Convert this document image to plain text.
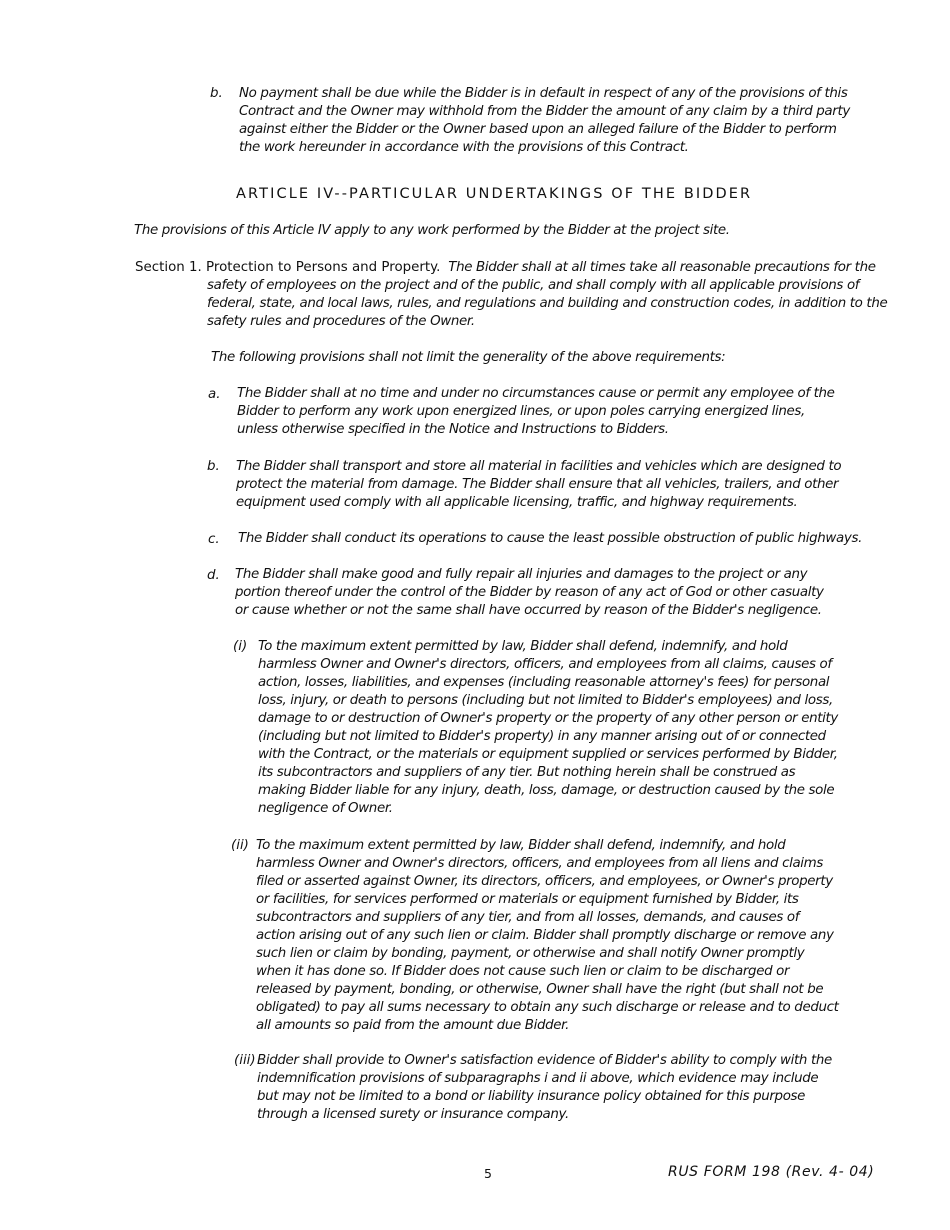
b. No payment shall be due while the Bidder is in default in respect of any of the provisions of this Contract and the Owner may withhold from the Bidder the amount of any claim by a third party against either the Bidder or the Owner based upon an alleged failure of the Bidder to perform the work hereunder in accordance with the provisions of this Contract.
ARTICLE IV--PARTICULAR UNDERTAKINGS OF THE BIDDER
The provisions of this Article IV apply to any work performed by the Bidder at the project site.
Section 1. Protection to Persons and Property. The Bidder shall at all times take all reasonable precautions for the safety of employees on the project and of the public, and shall comply with all applicable provisions of federal, state, and local laws, rules, and regulations and building and construction codes, in addition to the safety rules and procedures of the Owner.
The following provisions shall not limit the generality of the above requirements:
a. The Bidder shall at no time and under no circumstances cause or permit any employee of the Bidder to perform any work upon energized lines, or upon poles carrying energized lines, unless otherwise specified in the Notice and Instructions to Bidders.
b. The Bidder shall transport and store all material in facilities and vehicles which are designed to protect the material from damage. The Bidder shall ensure that all vehicles, trailers, and other equipment used comply with all applicable licensing, traffic, and highway requirements.
c. The Bidder shall conduct its operations to cause the least possible obstruction of public highways.
d. The Bidder shall make good and fully repair all injuries and damages to the project or any portion thereof under the control of the Bidder by reason of any act of God or other casualty or cause whether or not the same shall have occurred by reason of the Bidder's negligence.
(i) To the maximum extent permitted by law, Bidder shall defend, indemnify, and hold harmless Owner and Owner's directors, officers, and employees from all claims, causes of action, losses, liabilities, and expenses (including reasonable attorney's fees) for personal loss, injury, or death to persons (including but not limited to Bidder's employees) and loss, damage to or destruction of Owner's property or the property of any other person or entity (including but not limited to Bidder's property) in any manner arising out of or connected with the Contract, or the materials or equipment supplied or services performed by Bidder, its subcontractors and suppliers of any tier. But nothing herein shall be construed as making Bidder liable for any injury, death, loss, damage, or destruction caused by the sole negligence of Owner.
(ii) To the maximum extent permitted by law, Bidder shall defend, indemnify, and hold harmless Owner and Owner's directors, officers, and employees from all liens and claims filed or asserted against Owner, its directors, officers, and employees, or Owner's property or facilities, for services performed or materials or equipment furnished by Bidder, its subcontractors and suppliers of any tier, and from all losses, demands, and causes of action arising out of any such lien or claim. Bidder shall promptly discharge or remove any such lien or claim by bonding, payment, or otherwise and shall notify Owner promptly when it has done so. If Bidder does not cause such lien or claim to be discharged or released by payment, bonding, or otherwise, Owner shall have the right (but shall not be obligated) to pay all sums necessary to obtain any such discharge or release and to deduct all amounts so paid from the amount due Bidder.
(iii) Bidder shall provide to Owner's satisfaction evidence of Bidder's ability to comply with the indemnification provisions of subparagraphs i and ii above, which evidence may include but may not be limited to a bond or liability insurance policy obtained for this purpose through a licensed surety or insurance company.
5	RUS FORM 198 (Rev. 4- 04)
